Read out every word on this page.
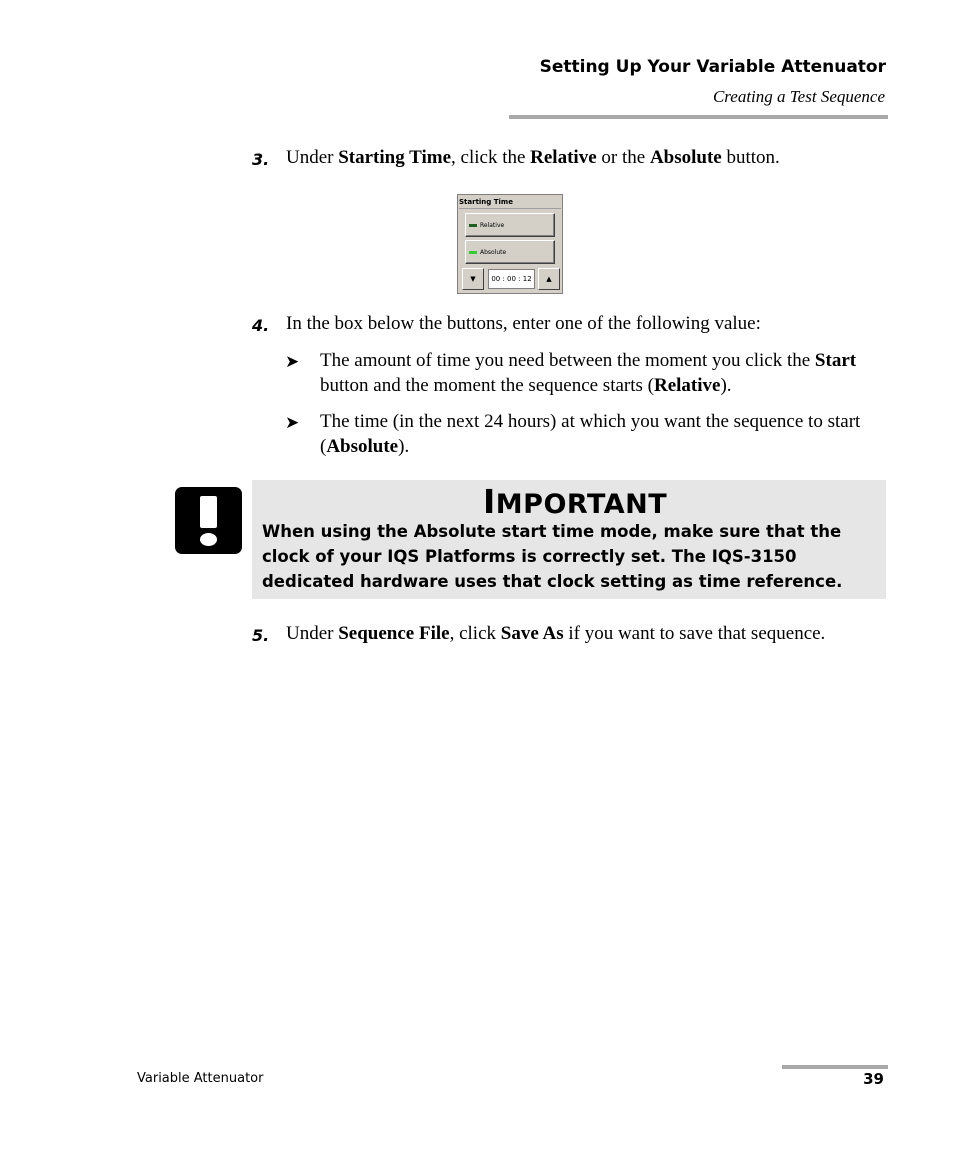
Setting Up Your Variable Attenuator
Creating a Test Sequence
3. Under Starting Time, click the Relative or the Absolute button.
Starting Time
Relative
Absolute
▼	00 : 00 : 12	▲
4. In the box below the buttons, enter one of the following value:
➤ The amount of time you need between the moment you click the Start button and the moment the sequence starts (Relative).
➤ The time (in the next 24 hours) at which you want the sequence to start (Absolute).
IMPORTANT
When using the Absolute start time mode, make sure that the clock of your IQS Platforms is correctly set. The IQS-3150 dedicated hardware uses that clock setting as time reference.
5. Under Sequence File, click Save As if you want to save that sequence.
Variable Attenuator	39
